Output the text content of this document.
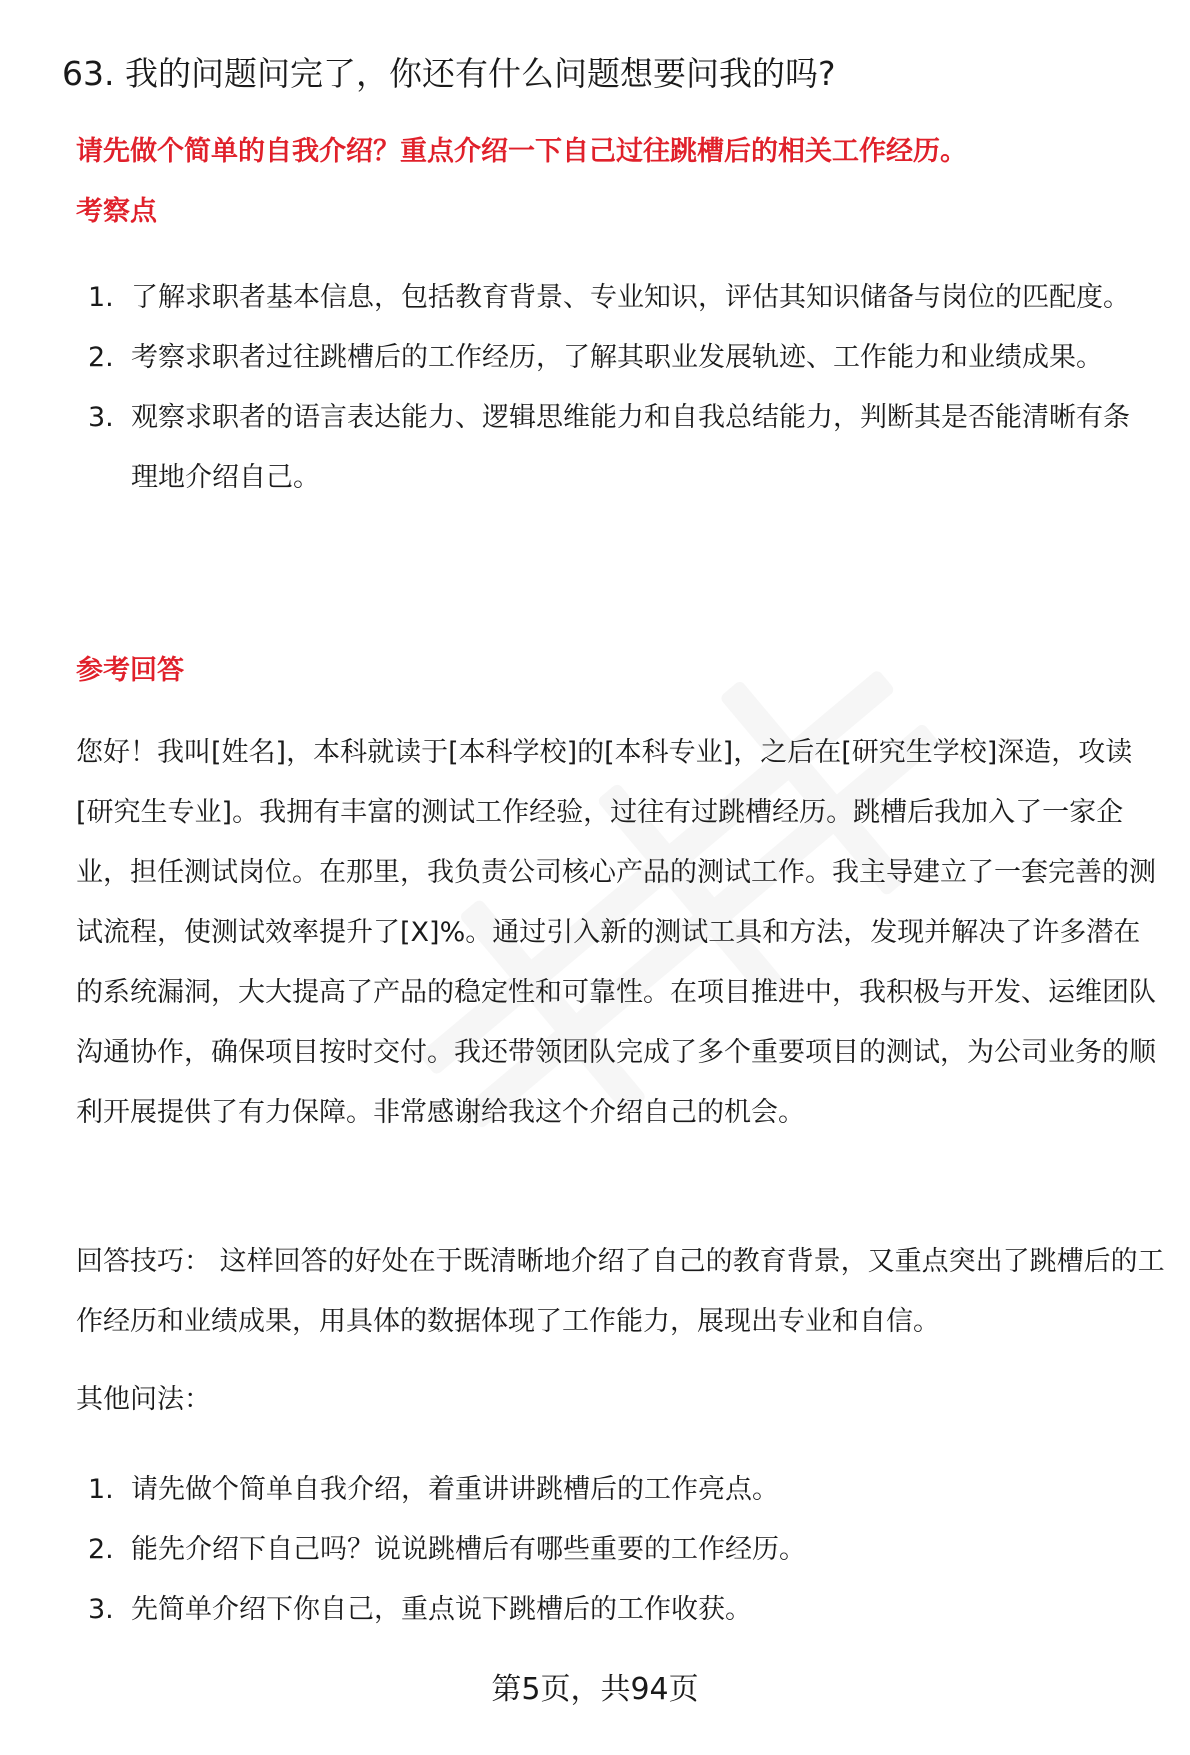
63. 我的问题问完了，你还有什么问题想要问我的吗?
请先做个简单的自我介绍？重点介绍一下自己过往跳槽后的相关工作经历。
考察点
1. 了解求职者基本信息，包括教育背景、专业知识，评估其知识储备与岗位的匹配度。
2. 考察求职者过往跳槽后的工作经历，了解其职业发展轨迹、工作能力和业绩成果。
3. 观察求职者的语言表达能力、逻辑思维能力和自我总结能力，判断其是否能清晰有条理地介绍自己。
参考回答

您好！我叫[姓名]，本科就读于[本科学校]的[本科专业]，之后在[研究生学校]深造，攻读[研究生专业]。我拥有丰富的测试工作经验，过往有过跳槽经历。跳槽后我加入了一家企业，担任测试岗位。在那里，我负责公司核心产品的测试工作。我主导建立了一套完善的测试流程，使测试效率提升了[X]%。通过引入新的测试工具和方法，发现并解决了许多潜在的系统漏洞，大大提高了产品的稳定性和可靠性。在项目推进中，我积极与开发、运维团队沟通协作，确保项目按时交付。我还带领团队完成了多个重要项目的测试，为公司业务的顺利开展提供了有力保障。非常感谢给我这个介绍自己的机会。

回答技巧： 这样回答的好处在于既清晰地介绍了自己的教育背景，又重点突出了跳槽后的工作经历和业绩成果，用具体的数据体现了工作能力，展现出专业和自信。

其他问法：
1. 请先做个简单自我介绍，着重讲讲跳槽后的工作亮点。
2. 能先介绍下自己吗？说说跳槽后有哪些重要的工作经历。
3. 先简单介绍下你自己，重点说下跳槽后的工作收获。
第5页，共94页
